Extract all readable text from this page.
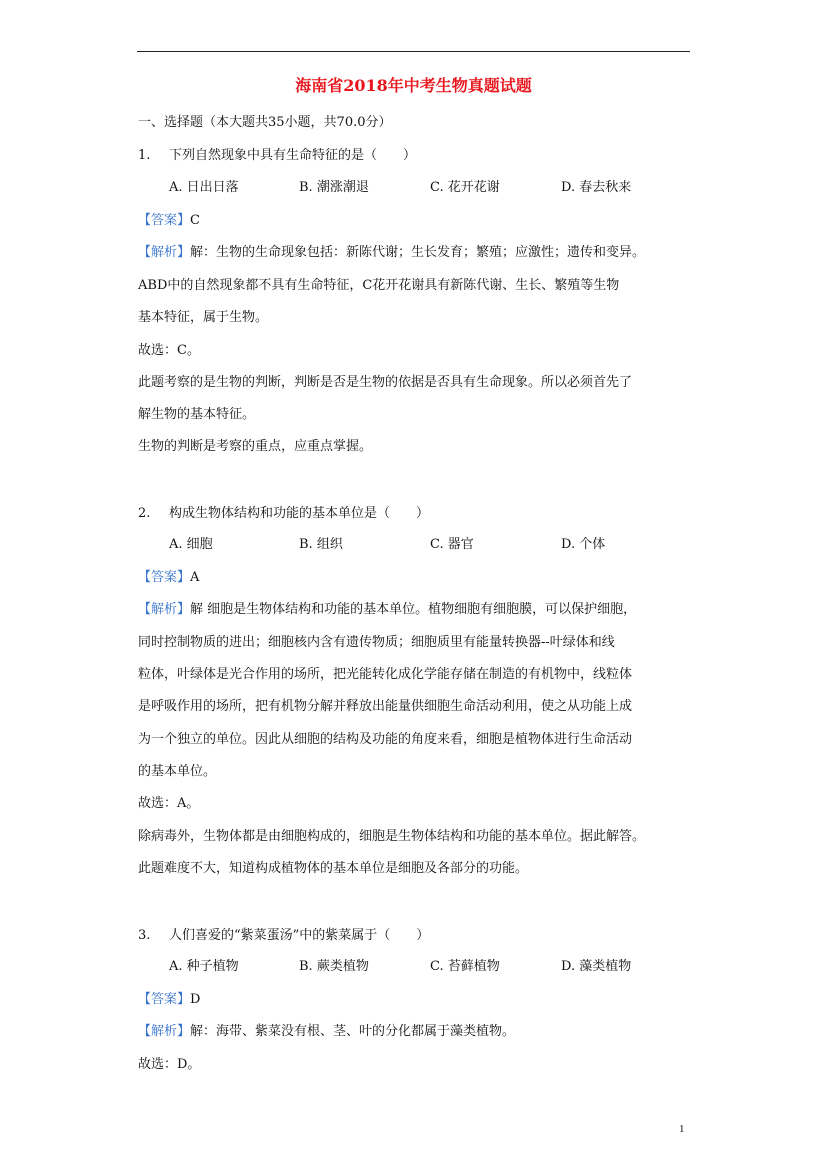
海南省2018年中考生物真题试题
一、选择题（本大题共35小题，共70.0分）
1. 下列自然现象中具有生命特征的是（　　）
A. 日出日落	B. 潮涨潮退	C. 花开花谢	D. 春去秋来
【答案】C
【解析】解：生物的生命现象包括：新陈代谢；生长发育；繁殖；应激性；遗传和变异。
ABD中的自然现象都不具有生命特征，C花开花谢具有新陈代谢、生长、繁殖等生物
基本特征，属于生物。
故选：C。
此题考察的是生物的判断，判断是否是生物的依据是否具有生命现象。所以必须首先了
解生物的基本特征。
生物的判断是考察的重点，应重点掌握。
2. 构成生物体结构和功能的基本单位是（　　）
A. 细胞	B. 组织	C. 器官	D. 个体
【答案】A
【解析】解 细胞是生物体结构和功能的基本单位。植物细胞有细胞膜，可以保护细胞，
同时控制物质的进出；细胞核内含有遗传物质；细胞质里有能量转换器--叶绿体和线
粒体，叶绿体是光合作用的场所，把光能转化成化学能存储在制造的有机物中，线粒体
是呼吸作用的场所，把有机物分解并释放出能量供细胞生命活动利用，使之从功能上成
为一个独立的单位。因此从细胞的结构及功能的角度来看，细胞是植物体进行生命活动
的基本单位。
故选：A。
除病毒外，生物体都是由细胞构成的，细胞是生物体结构和功能的基本单位。据此解答。
此题难度不大，知道构成植物体的基本单位是细胞及各部分的功能。
3. 人们喜爱的“紫菜蛋汤”中的紫菜属于（　　）
A. 种子植物	B. 蕨类植物	C. 苔藓植物	D. 藻类植物
【答案】D
【解析】解：海带、紫菜没有根、茎、叶的分化都属于藻类植物。
故选：D。
1
